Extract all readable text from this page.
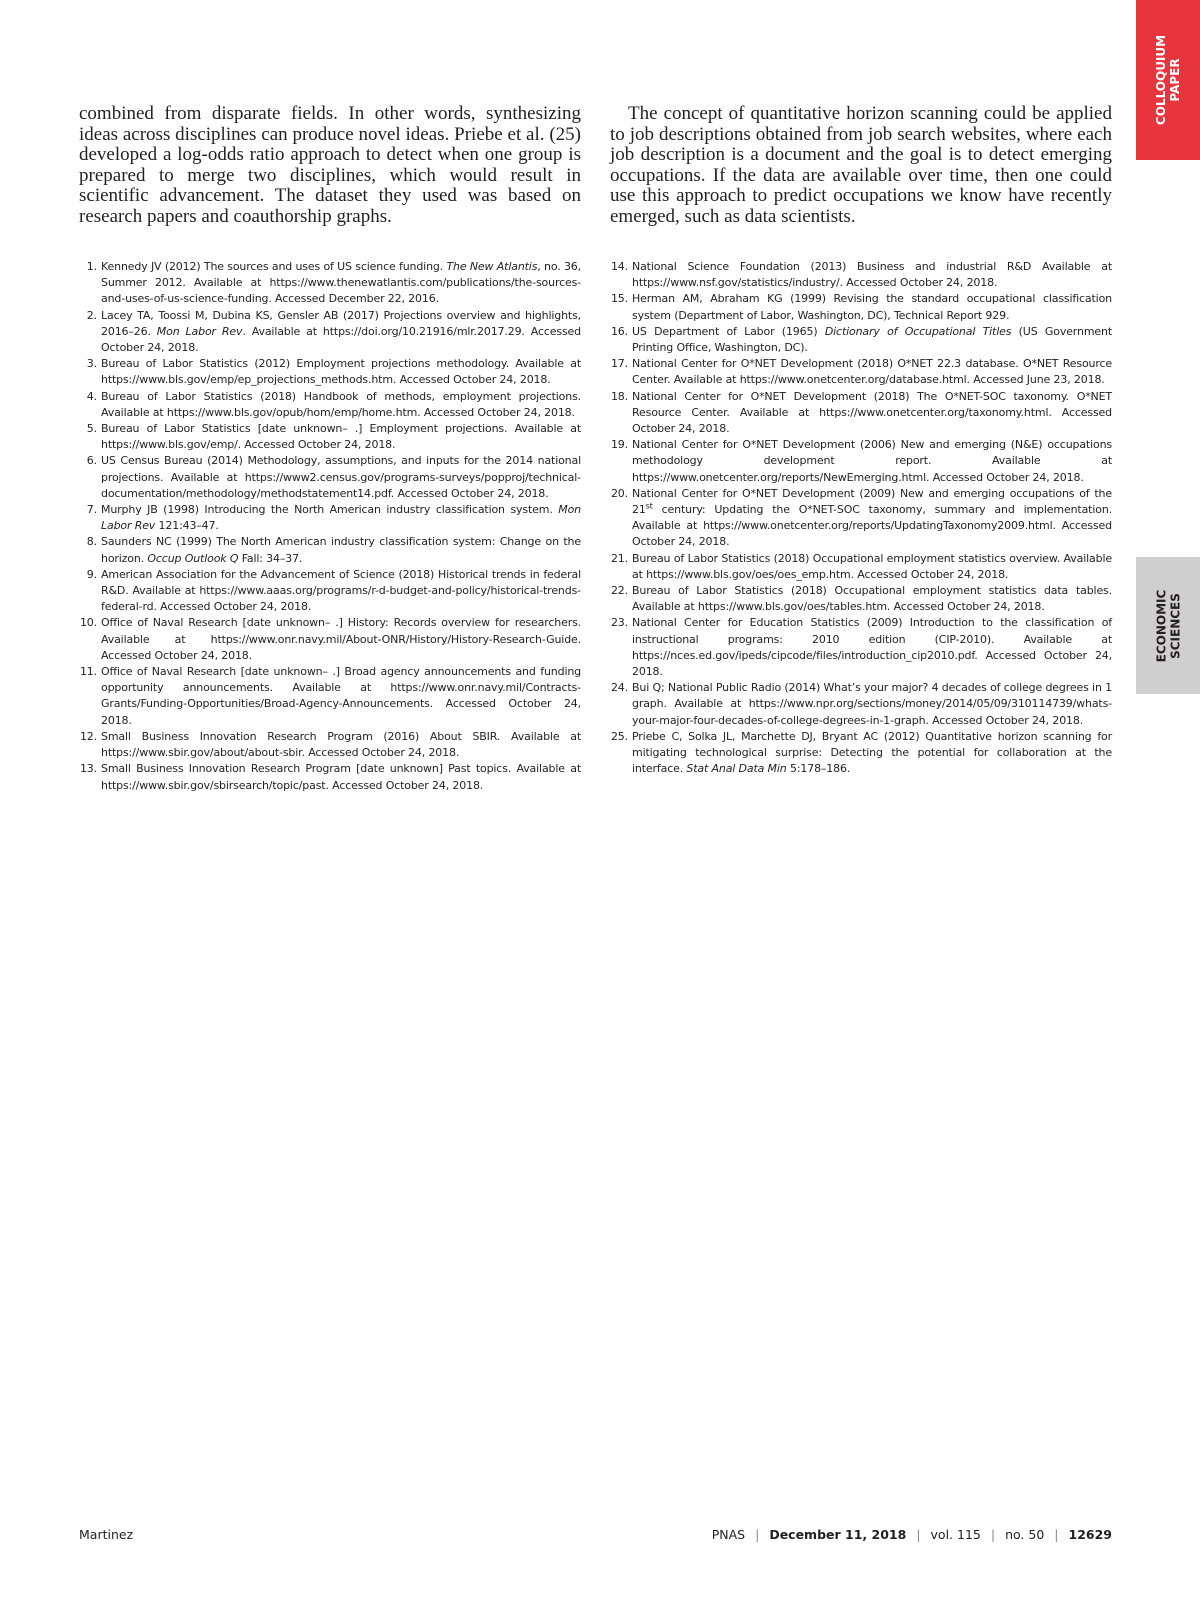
COLLOQUIUM PAPER
ECONOMIC SCIENCES

combined from disparate fields. In other words, synthesizing ideas across disciplines can produce novel ideas. Priebe et al. (25) developed a log-odds ratio approach to detect when one group is prepared to merge two disciplines, which would result in scientific advancement. The dataset they used was based on research papers and coauthorship graphs.

The concept of quantitative horizon scanning could be applied to job descriptions obtained from job search websites, where each job description is a document and the goal is to detect emerging occupations. If the data are available over time, then one could use this approach to predict occupations we know have recently emerged, such as data scientists.

1. Kennedy JV (2012) The sources and uses of US science funding. The New Atlantis, no. 36, Summer 2012. Available at https://www.thenewatlantis.com/publications/the-sources-and-uses-of-us-science-funding. Accessed December 22, 2016.
2. Lacey TA, Toossi M, Dubina KS, Gensler AB (2017) Projections overview and highlights, 2016–26. Mon Labor Rev. Available at https://doi.org/10.21916/mlr.2017.29. Accessed October 24, 2018.
3. Bureau of Labor Statistics (2012) Employment projections methodology. Available at https://www.bls.gov/emp/ep_projections_methods.htm. Accessed October 24, 2018.
4. Bureau of Labor Statistics (2018) Handbook of methods, employment projections. Available at https://www.bls.gov/opub/hom/emp/home.htm. Accessed October 24, 2018.
5. Bureau of Labor Statistics [date unknown– .] Employment projections. Available at https://www.bls.gov/emp/. Accessed October 24, 2018.
6. US Census Bureau (2014) Methodology, assumptions, and inputs for the 2014 national projections. Available at https://www2.census.gov/programs-surveys/popproj/technical-documentation/methodology/methodstatement14.pdf. Accessed October 24, 2018.
7. Murphy JB (1998) Introducing the North American industry classification system. Mon Labor Rev 121:43–47.
8. Saunders NC (1999) The North American industry classification system: Change on the horizon. Occup Outlook Q Fall: 34–37.
9. American Association for the Advancement of Science (2018) Historical trends in federal R&D. Available at https://www.aaas.org/programs/r-d-budget-and-policy/historical-trends-federal-rd. Accessed October 24, 2018.
10. Office of Naval Research [date unknown– .] History: Records overview for researchers. Available at https://www.onr.navy.mil/About-ONR/History/History-Research-Guide. Accessed October 24, 2018.
11. Office of Naval Research [date unknown– .] Broad agency announcements and funding opportunity announcements. Available at https://www.onr.navy.mil/Contracts-Grants/Funding-Opportunities/Broad-Agency-Announcements. Accessed October 24, 2018.
12. Small Business Innovation Research Program (2016) About SBIR. Available at https://www.sbir.gov/about/about-sbir. Accessed October 24, 2018.
13. Small Business Innovation Research Program [date unknown] Past topics. Available at https://www.sbir.gov/sbirsearch/topic/past. Accessed October 24, 2018.
14. National Science Foundation (2013) Business and industrial R&D Available at https://www.nsf.gov/statistics/industry/. Accessed October 24, 2018.
15. Herman AM, Abraham KG (1999) Revising the standard occupational classification system (Department of Labor, Washington, DC), Technical Report 929.
16. US Department of Labor (1965) Dictionary of Occupational Titles (US Government Printing Office, Washington, DC).
17. National Center for O*NET Development (2018) O*NET 22.3 database. O*NET Resource Center. Available at https://www.onetcenter.org/database.html. Accessed June 23, 2018.
18. National Center for O*NET Development (2018) The O*NET-SOC taxonomy. O*NET Resource Center. Available at https://www.onetcenter.org/taxonomy.html. Accessed October 24, 2018.
19. National Center for O*NET Development (2006) New and emerging (N&E) occupations methodology development report. Available at https://www.onetcenter.org/reports/NewEmerging.html. Accessed October 24, 2018.
20. National Center for O*NET Development (2009) New and emerging occupations of the 21st century: Updating the O*NET-SOC taxonomy, summary and implementation. Available at https://www.onetcenter.org/reports/UpdatingTaxonomy2009.html. Accessed October 24, 2018.
21. Bureau of Labor Statistics (2018) Occupational employment statistics overview. Available at https://www.bls.gov/oes/oes_emp.htm. Accessed October 24, 2018.
22. Bureau of Labor Statistics (2018) Occupational employment statistics data tables. Available at https://www.bls.gov/oes/tables.htm. Accessed October 24, 2018.
23. National Center for Education Statistics (2009) Introduction to the classification of instructional programs: 2010 edition (CIP-2010). Available at https://nces.ed.gov/ipeds/cipcode/files/introduction_cip2010.pdf. Accessed October 24, 2018.
24. Bui Q; National Public Radio (2014) What’s your major? 4 decades of college degrees in 1 graph. Available at https://www.npr.org/sections/money/2014/05/09/310114739/whats-your-major-four-decades-of-college-degrees-in-1-graph. Accessed October 24, 2018.
25. Priebe C, Solka JL, Marchette DJ, Bryant AC (2012) Quantitative horizon scanning for mitigating technological surprise: Detecting the potential for collaboration at the interface. Stat Anal Data Min 5:178–186.
Martinez	PNAS | December 11, 2018 | vol. 115 | no. 50 | 12629
